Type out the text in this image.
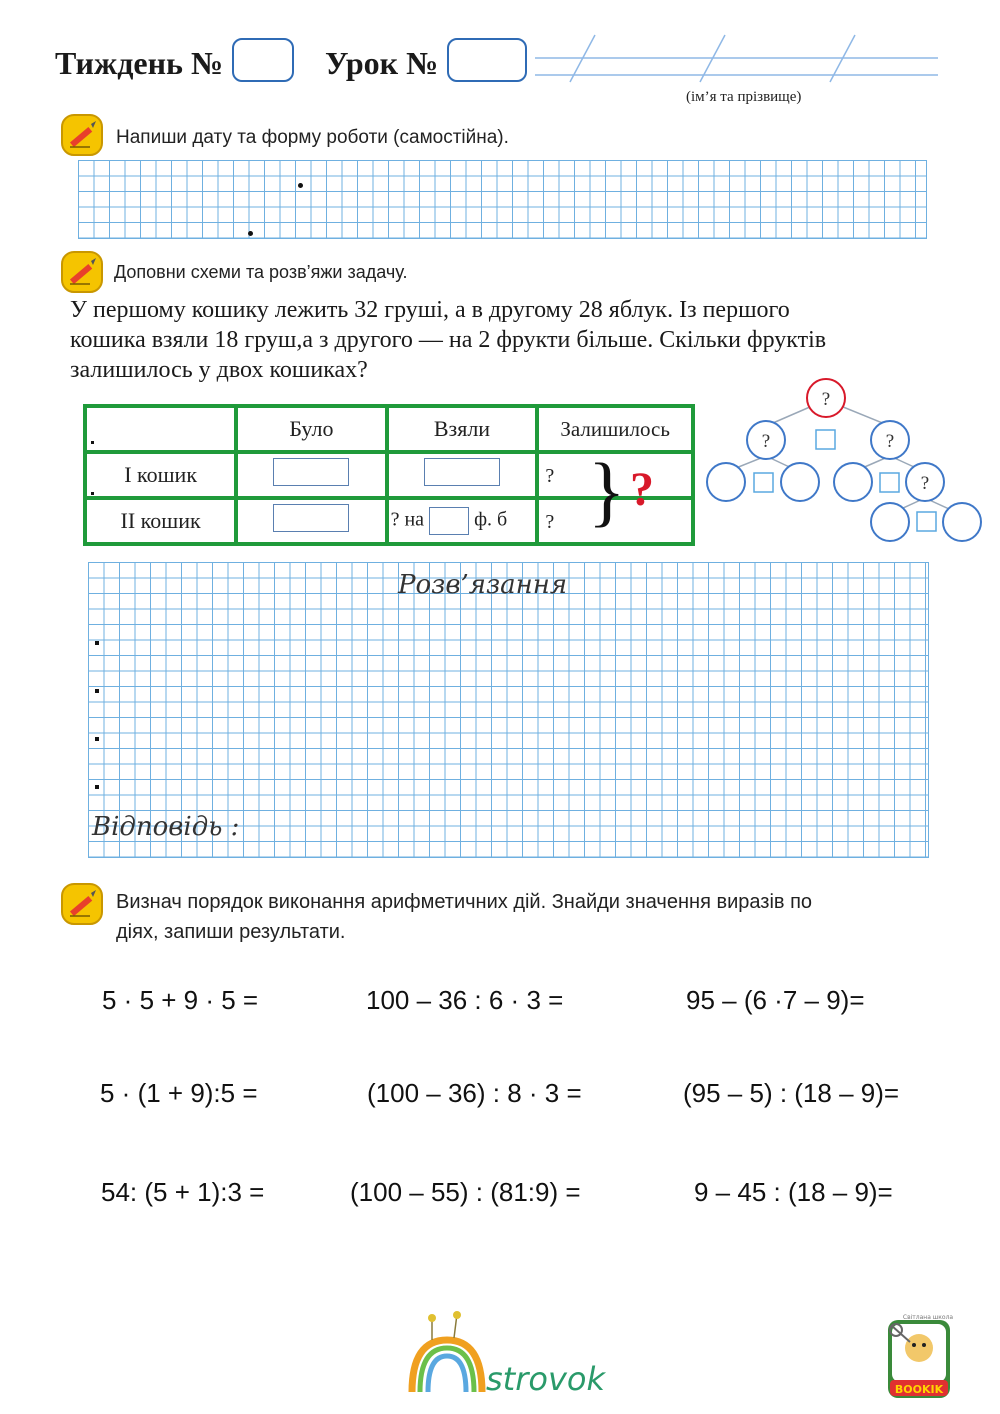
Тиждень №	Урок №
(ім’я та прізвище)
Напиши дату та форму роботи (самостійна).
Доповни схеми та розв’яжи задачу.
У першому кошику лежить 32 груші, а в другому 28 яблук. Із першого
кошика взяли 18 груш,а з другого — на 2 фрукти більше. Скільки фруктів
залишилось у двох кошиках?
	Було	Взяли	Залишилось
І кошик			?
ІІ кошик		? на ф. б	? } ?
?
?	?
?
Розв’язання
Відповідь :
Визнач порядок виконання арифметичних дій. Знайди значення виразів по
діях, запиши результати.
5 · 5 + 9 · 5 =	100 – 36 : 6 · 3 =	95 – (6 ·7 – 9)=
5 · (1 + 9):5 =	(100 – 36) : 8 · 3 =	(95 – 5) : (18 – 9)=
54: (5 + 1):3 =	(100 – 55) : (81:9) =	9 – 45 : (18 – 9)=
strovok	BOOKIK
Світлана школа
